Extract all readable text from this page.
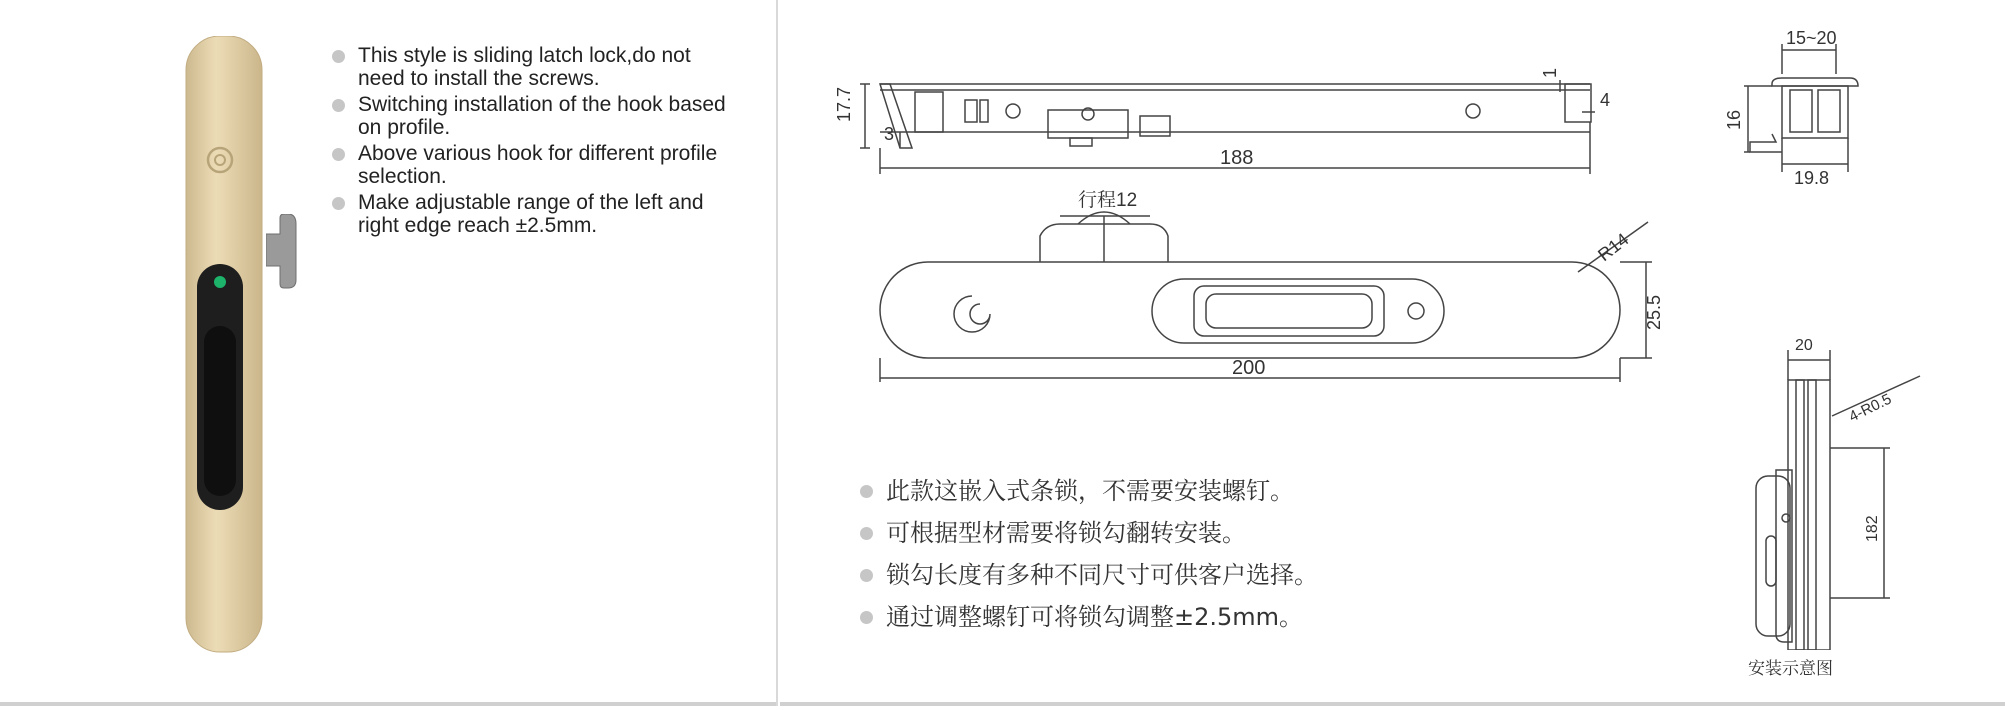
This style is sliding latch lock,do not need to install the screws.
Switching installation of the hook based on profile.
Above various hook for different profile selection.
Make adjustable range of the left and right edge reach ±2.5mm.
17.7
3
1
4
188
15~20
16
19.8
行程12
R14
25.5
200
20
4-R0.5
182
安装示意图
此款这嵌入式条锁，不需要安装螺钉。
可根据型材需要将锁勾翻转安装。
锁勾长度有多种不同尺寸可供客户选择。
通过调整螺钉可将锁勾调整±2.5mm。
